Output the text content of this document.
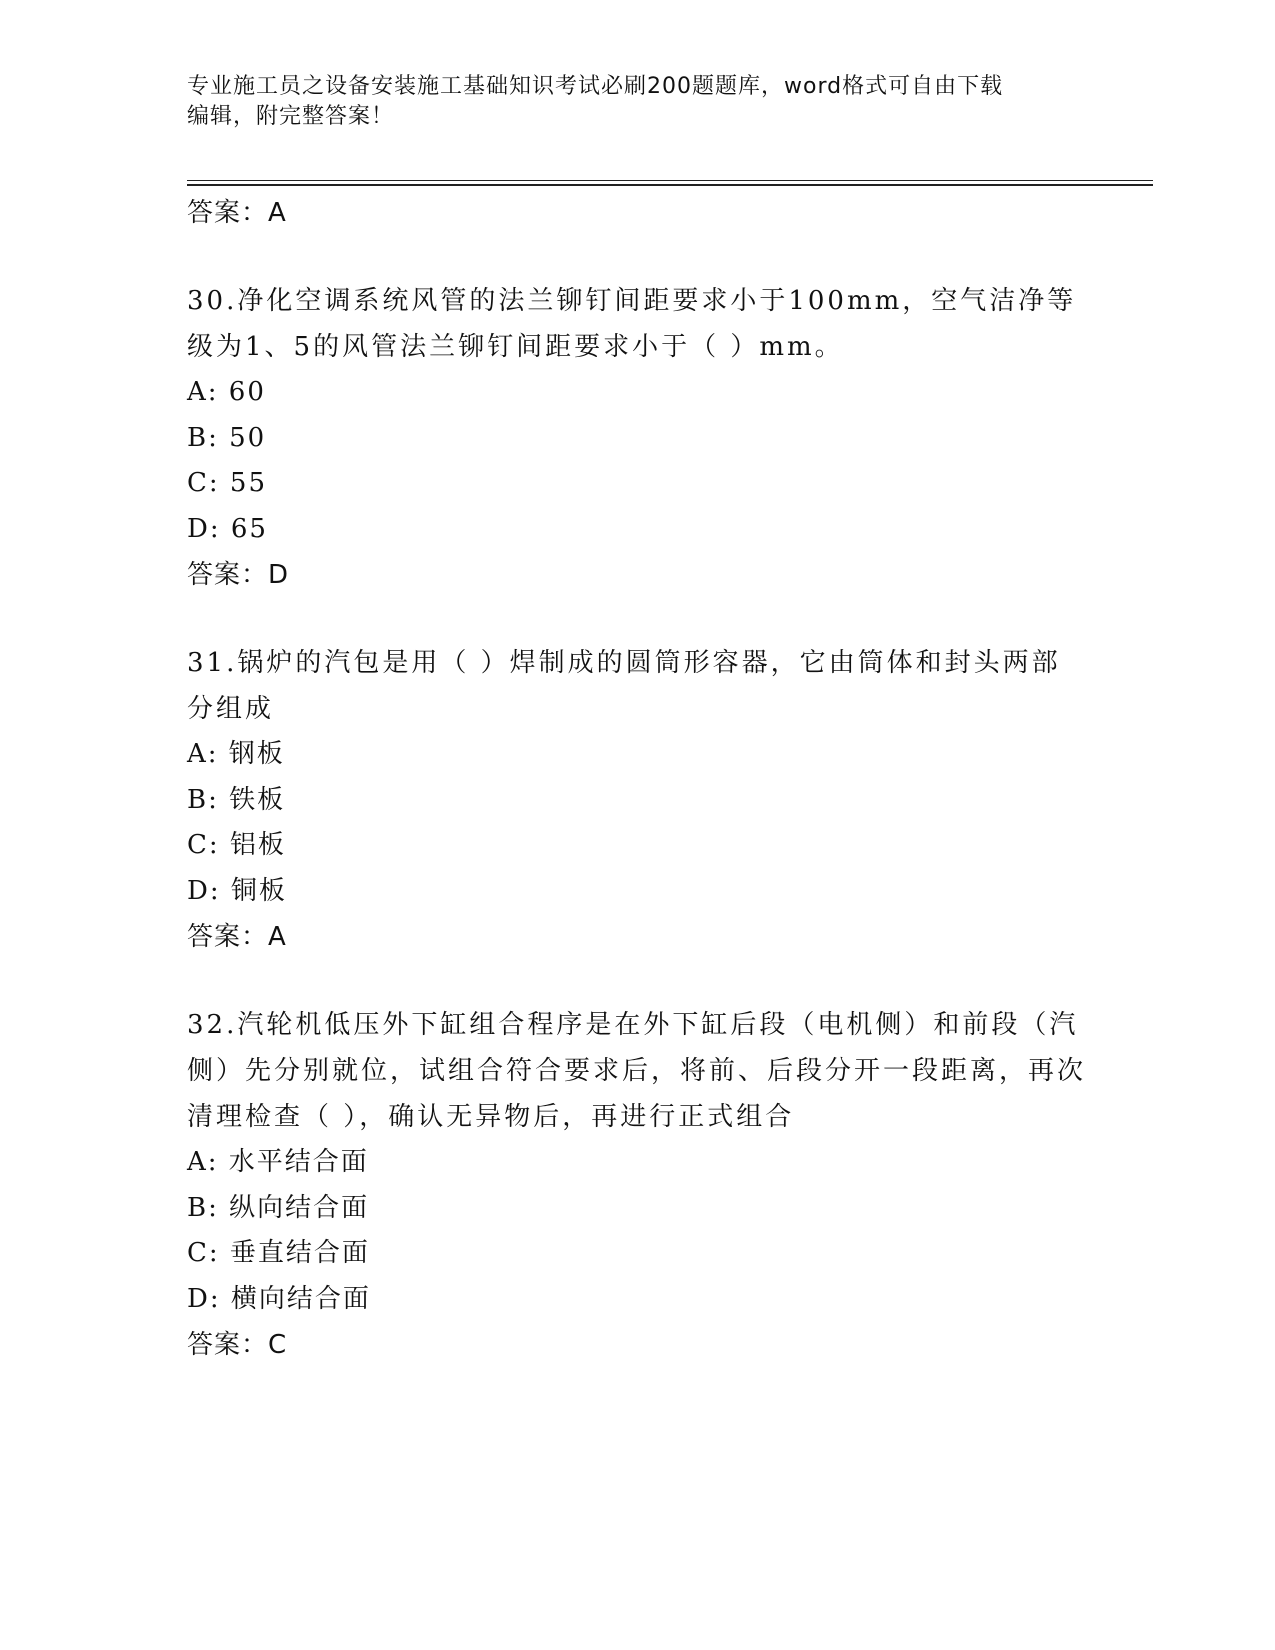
专业施工员之设备安装施工基础知识考试必刷200题题库，word格式可自由下载
编辑，附完整答案！
答案：A
30.净化空调系统风管的法兰铆钉间距要求小于100mm，空气洁净等级为1、5的风管法兰铆钉间距要求小于（ ）mm。
A: 60
B: 50
C: 55
D: 65
答案：D
31.锅炉的汽包是用（ ）焊制成的圆筒形容器，它由筒体和封头两部分组成
A: 钢板
B: 铁板
C: 铝板
D: 铜板
答案：A
32.汽轮机低压外下缸组合程序是在外下缸后段（电机侧）和前段（汽侧）先分别就位，试组合符合要求后，将前、后段分开一段距离，再次清理检查（ ），确认无异物后，再进行正式组合
A: 水平结合面
B: 纵向结合面
C: 垂直结合面
D: 横向结合面
答案：C
